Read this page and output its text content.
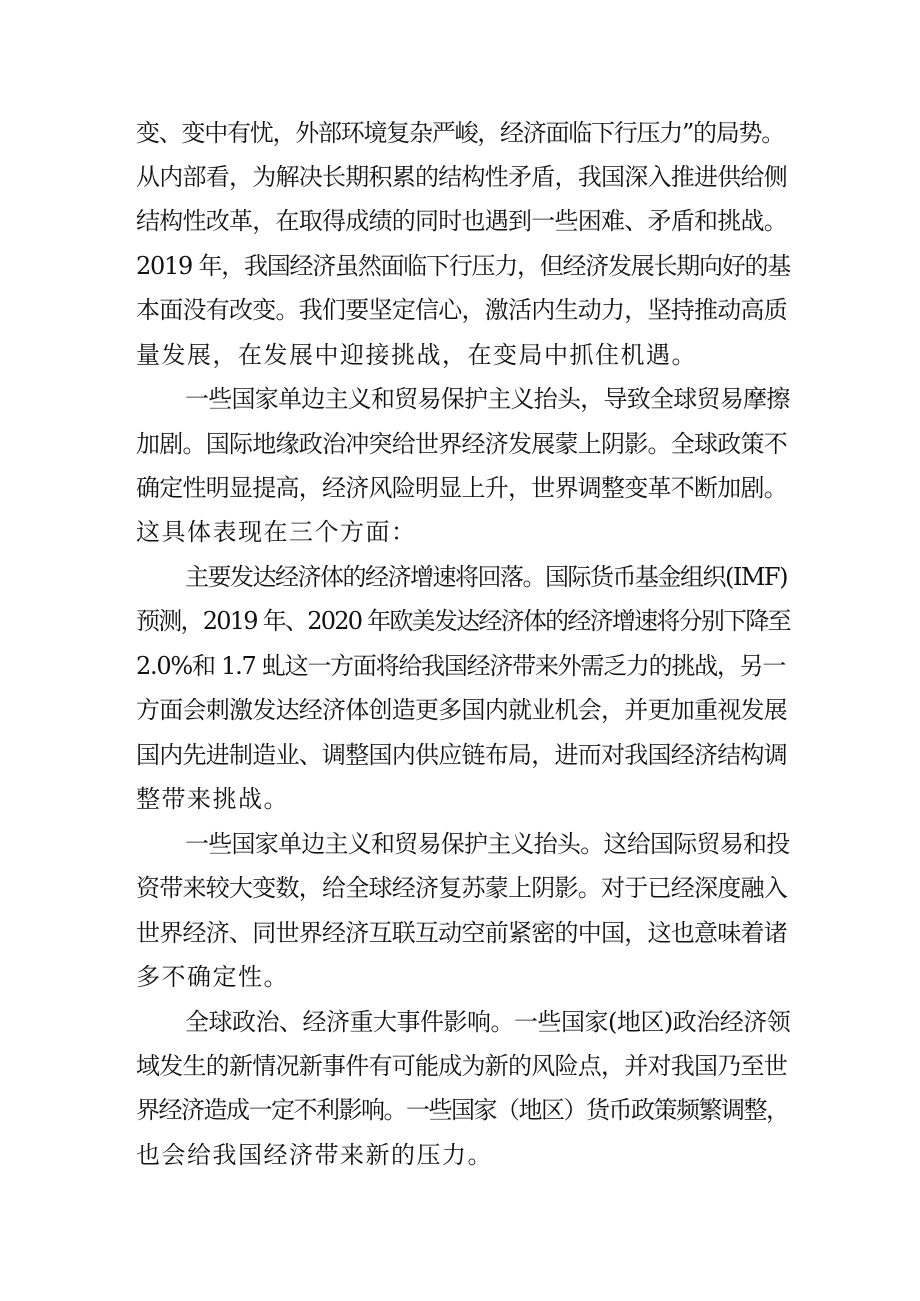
变、变中有忧，外部环境复杂严峻，经济面临下行压力”的局势。
从内部看，为解决长期积累的结构性矛盾，我国深入推进供给侧
结构性改革，在取得成绩的同时也遇到一些困难、矛盾和挑战。
2019 年，我国经济虽然面临下行压力，但经济发展长期向好的基
本面没有改变。我们要坚定信心，激活内生动力，坚持推动高质
量发展，在发展中迎接挑战，在变局中抓住机遇。
一些国家单边主义和贸易保护主义抬头，导致全球贸易摩擦
加剧。国际地缘政治冲突给世界经济发展蒙上阴影。全球政策不
确定性明显提高，经济风险明显上升，世界调整变革不断加剧。
这具体表现在三个方面：
主要发达经济体的经济增速将回落。国际货币基金组织(IMF)
预测，2019 年、2020 年欧美发达经济体的经济增速将分别下降至
2.0%和 1.7 虬这一方面将给我国经济带来外需乏力的挑战，另一
方面会刺激发达经济体创造更多国内就业机会，并更加重视发展
国内先进制造业、调整国内供应链布局，进而对我国经济结构调
整带来挑战。
一些国家单边主义和贸易保护主义抬头。这给国际贸易和投
资带来较大变数，给全球经济复苏蒙上阴影。对于已经深度融入
世界经济、同世界经济互联互动空前紧密的中国，这也意味着诸
多不确定性。
全球政治、经济重大事件影响。一些国家(地区)政治经济领
域发生的新情况新事件有可能成为新的风险点，并对我国乃至世
界经济造成一定不利影响。一些国家（地区）货币政策频繁调整，
也会给我国经济带来新的压力。
